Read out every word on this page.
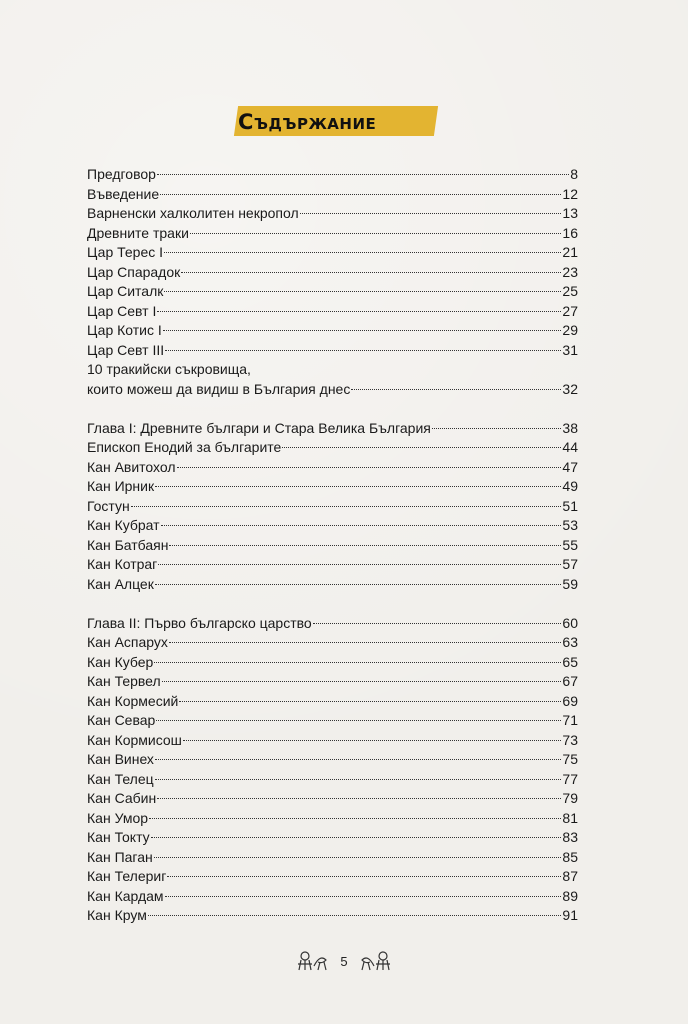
Съдържание
Предговор	8
Въведение	12
Варненски халколитен некропол	13
Древните траки	16
Цар Терес I	21
Цар Спарадок	23
Цар Ситалк	25
Цар Севт I	27
Цар Котис I	29
Цар Севт III	31
10 тракийски съкровища,
които можеш да видиш в България днес	32
Глава I: Древните българи и Стара Велика България	38
Епископ Енодий за българите	44
Кан Авитохол	47
Кан Ирник	49
Гостун	51
Кан Кубрат	53
Кан Батбаян	55
Кан Котраг	57
Кан Алцек	59
Глава II: Първо българско царство	60
Кан Аспарух	63
Кан Кубер	65
Кан Тервел	67
Кан Кормесий	69
Кан Севар	71
Кан Кормисош	73
Кан Винех	75
Кан Телец	77
Кан Сабин	79
Кан Умор	81
Кан Токту	83
Кан Паган	85
Кан Телериг	87
Кан Кардам	89
Кан Крум	91
5
